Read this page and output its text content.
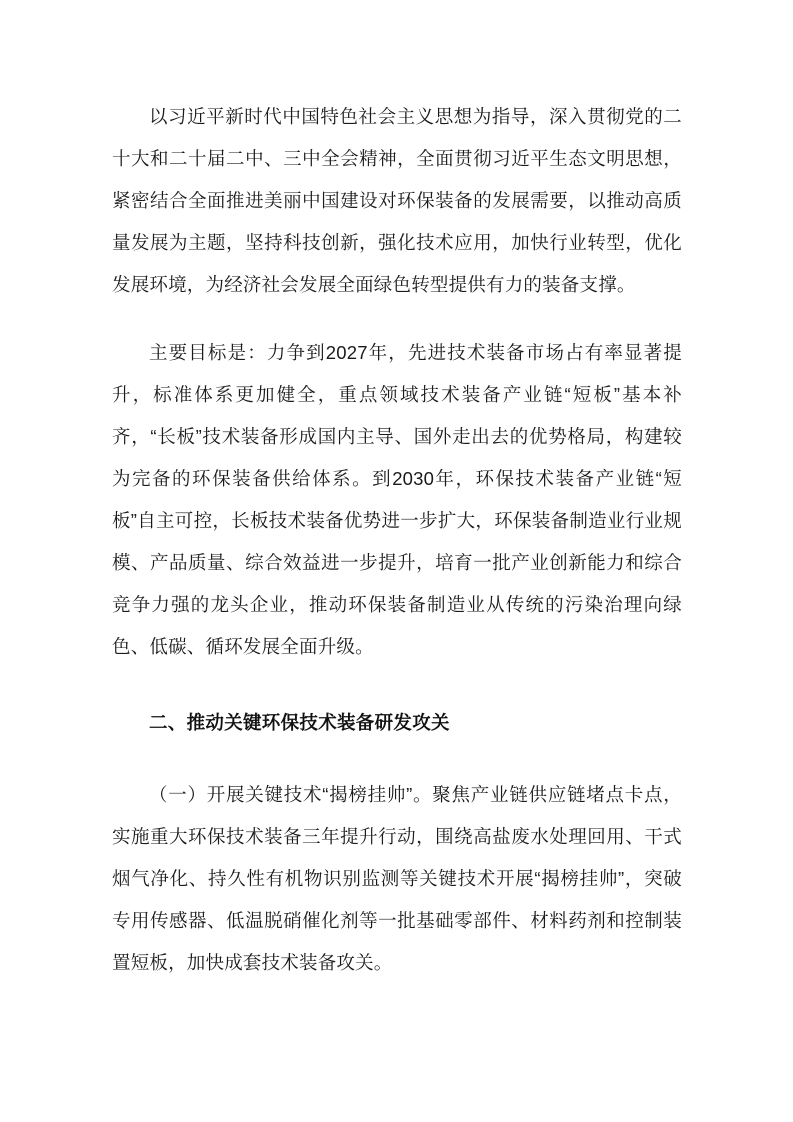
以习近平新时代中国特色社会主义思想为指导，深入贯彻党的二十大和二十届二中、三中全会精神，全面贯彻习近平生态文明思想，紧密结合全面推进美丽中国建设对环保装备的发展需要，以推动高质量发展为主题，坚持科技创新，强化技术应用，加快行业转型，优化发展环境，为经济社会发展全面绿色转型提供有力的装备支撑。

主要目标是：力争到2027年，先进技术装备市场占有率显著提升，标准体系更加健全，重点领域技术装备产业链“短板”基本补齐，“长板”技术装备形成国内主导、国外走出去的优势格局，构建较为完备的环保装备供给体系。到2030年，环保技术装备产业链“短板”自主可控，长板技术装备优势进一步扩大，环保装备制造业行业规模、产品质量、综合效益进一步提升，培育一批产业创新能力和综合竞争力强的龙头企业，推动环保装备制造业从传统的污染治理向绿色、低碳、循环发展全面升级。

二、推动关键环保技术装备研发攻关

（一）开展关键技术“揭榜挂帅”。聚焦产业链供应链堵点卡点，实施重大环保技术装备三年提升行动，围绕高盐废水处理回用、干式烟气净化、持久性有机物识别监测等关键技术开展“揭榜挂帅”，突破专用传感器、低温脱硝催化剂等一批基础零部件、材料药剂和控制装置短板，加快成套技术装备攻关。
